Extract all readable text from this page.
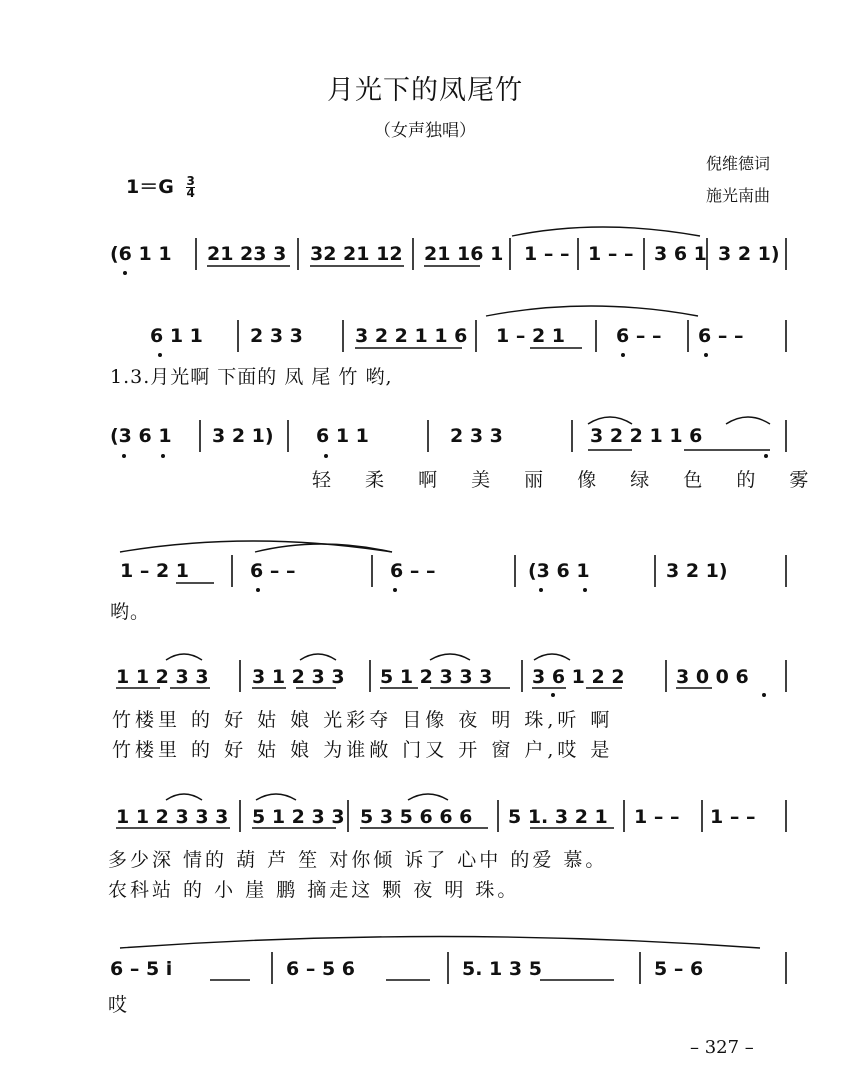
月光下的凤尾竹
（女声独唱）
倪维德词
施光南曲
$1=G \frac{3}{4}$
(6 1 1 21 23 3 32 21 12 21 16 1 1 – – 1 – – 3 6 1 3 2 1)
6 1 1 2 3 3	3 2 2 1 1 6 1 – 2 1	6 – – 6 – –
1.3.月光啊 下面的 凤 尾 竹 哟,
(3 6 1 3 2 1) 6 1 1	2 3 3	3 2 2 1 1 6
轻 柔 啊 美 丽 像 绿 色 的 雾
1 – 2 1	6 – –	6 – –	(3 6 1	3 2 1)
哟。
1 1 2 3 3 3 1 2 3 3 5 1 2 3 3 3 3 6 1 2 2	3 0 0 6
竹楼里 的 好 姑 娘 光彩夺 目像 夜 明 珠,听 啊
竹楼里 的 好 姑 娘 为谁敞 门又 开 窗 户,哎 是
1 1 2 3 3 3 5 1 2 3 3 5 3 5 6 6 6 5 1. 3 2 1 1 – – 1 – –
多少深 情的 葫 芦 笙 对你倾 诉了 心中 的爱 慕。
农科站 的 小 崖 鹏 摘走这 颗 夜 明 珠。
6 – 5 i	6 – 5 6	5. 1 3 5	5 – 6
哎
– 327 –
